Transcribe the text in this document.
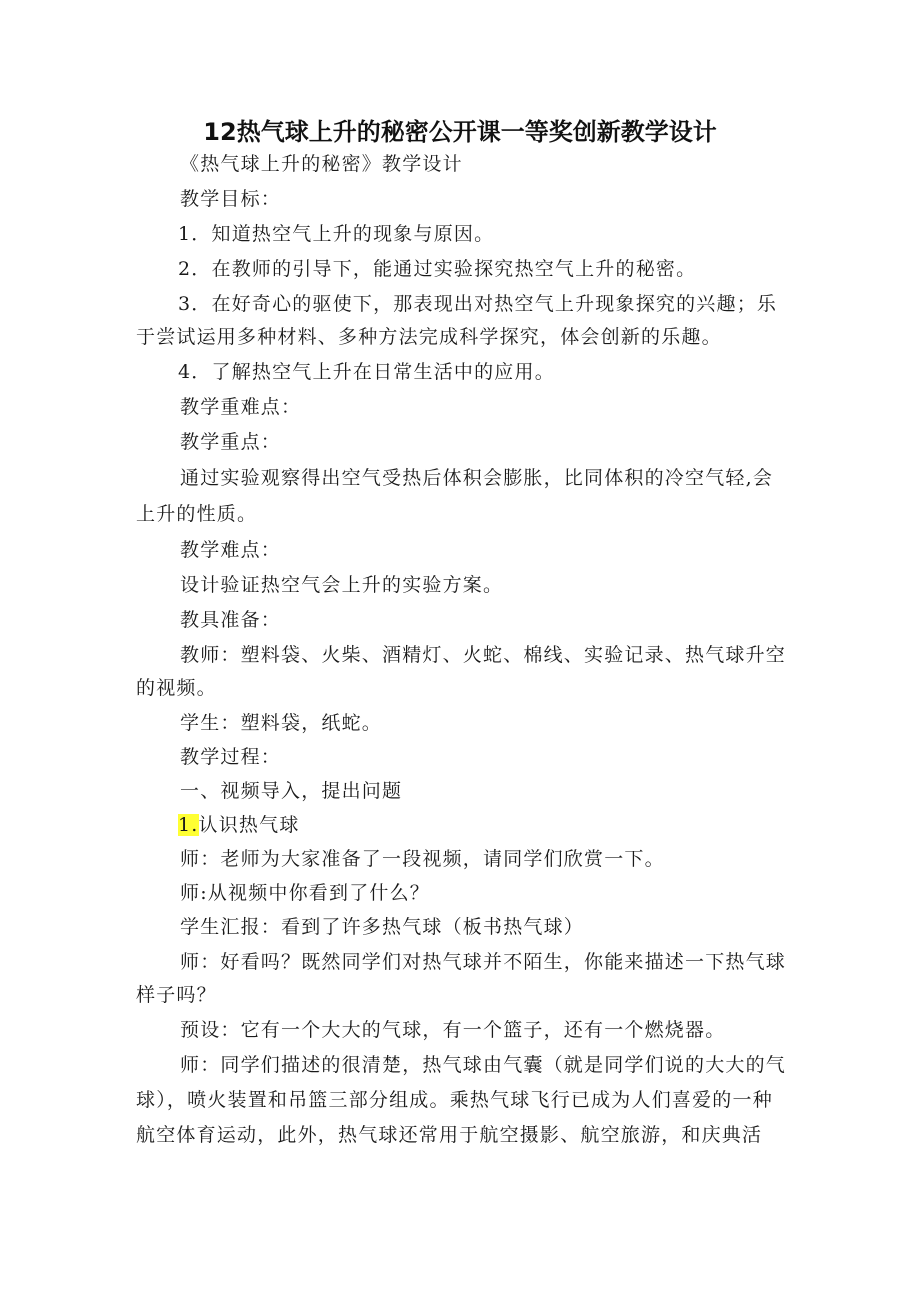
12热气球上升的秘密公开课一等奖创新教学设计
《热气球上升的秘密》教学设计
教学目标：
1．知道热空气上升的现象与原因。
2．在教师的引导下，能通过实验探究热空气上升的秘密。
3．在好奇心的驱使下，那表现出对热空气上升现象探究的兴趣；乐
于尝试运用多种材料、多种方法完成科学探究，体会创新的乐趣。
4．了解热空气上升在日常生活中的应用。
教学重难点：
教学重点：
通过实验观察得出空气受热后体积会膨胀，比同体积的冷空气轻,会
上升的性质。
教学难点：
设计验证热空气会上升的实验方案。
教具准备：
教师：塑料袋、火柴、酒精灯、火蛇、棉线、实验记录、热气球升空
的视频。
学生：塑料袋，纸蛇。
教学过程：
一、视频导入，提出问题
1.认识热气球
师：老师为大家准备了一段视频，请同学们欣赏一下。
师:从视频中你看到了什么？
学生汇报：看到了许多热气球（板书热气球）
师：好看吗？既然同学们对热气球并不陌生，你能来描述一下热气球
样子吗？
预设：它有一个大大的气球，有一个篮子，还有一个燃烧器。
师：同学们描述的很清楚，热气球由气囊（就是同学们说的大大的气
球），喷火装置和吊篮三部分组成。乘热气球飞行已成为人们喜爱的一种
航空体育运动，此外，热气球还常用于航空摄影、航空旅游，和庆典活
